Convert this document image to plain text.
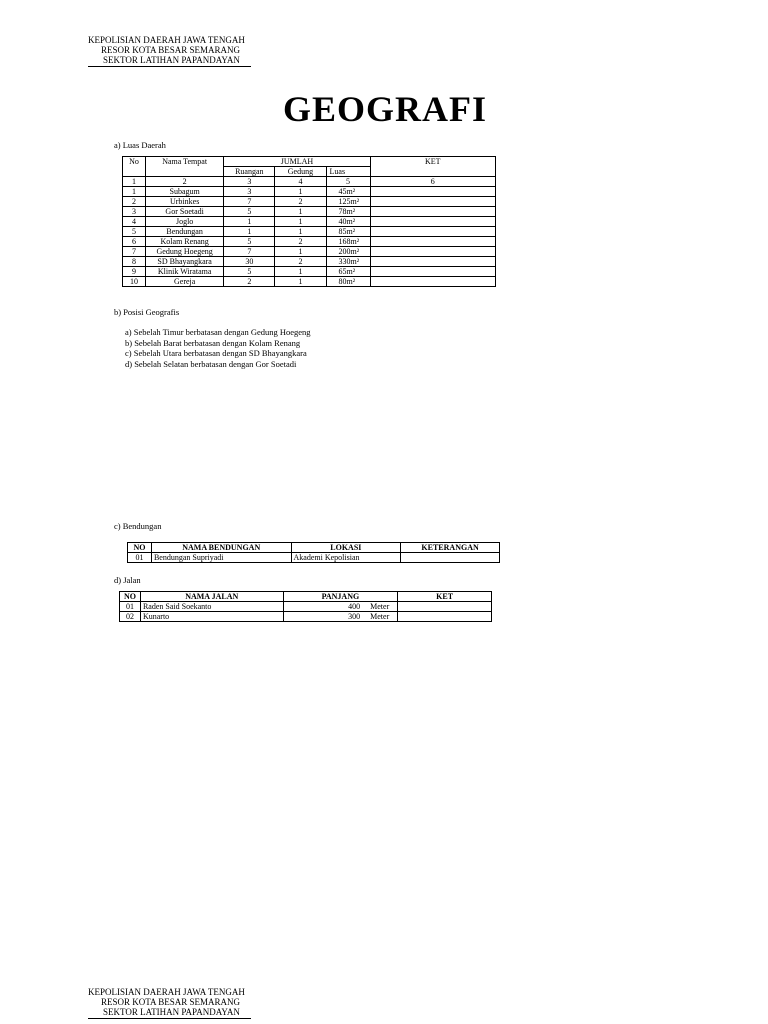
KEPOLISIAN DAERAH JAWA TENGAH
RESOR KOTA BESAR SEMARANG
SEKTOR LATIHAN PAPANDAYAN
GEOGRAFI
a) Luas Daerah
No	Nama Tempat	JUMLAH			KET
		Ruangan	Gedung	Luas	
1	2	3	4	5	6
1	Subagum	3	1	45m²	
2	Urbinkes	7	2	125m²	
3	Gor Soetadi	5	1	78m²	
4	Joglo	1	1	40m²	
5	Bendungan	1	1	85m²	
6	Kolam Renang	5	2	168m²	
7	Gedung Hoegeng	7	1	200m²	
8	SD Bhayangkara	30	2	330m²	
9	Klinik Wiratama	5	1	65m²	
10	Gereja	2	1	80m²	
b) Posisi Geografis
a) Sebelah Timur berbatasan dengan Gedung Hoegeng
b) Sebelah Barat berbatasan dengan Kolam Renang
c) Sebelah Utara berbatasan dengan SD Bhayangkara
d) Sebelah Selatan berbatasan dengan Gor Soetadi
c) Bendungan
NO	NAMA BENDUNGAN	LOKASI	KETERANGAN
01	Bendungan Supriyadi	Akademi Kepolisian	
d) Jalan
NO	NAMA JALAN	PANJANG	KET
01	Raden Said Soekanto	400     Meter	
02	Kunarto	300     Meter	
KEPOLISIAN DAERAH JAWA TENGAH
RESOR KOTA BESAR SEMARANG
SEKTOR LATIHAN PAPANDAYAN
